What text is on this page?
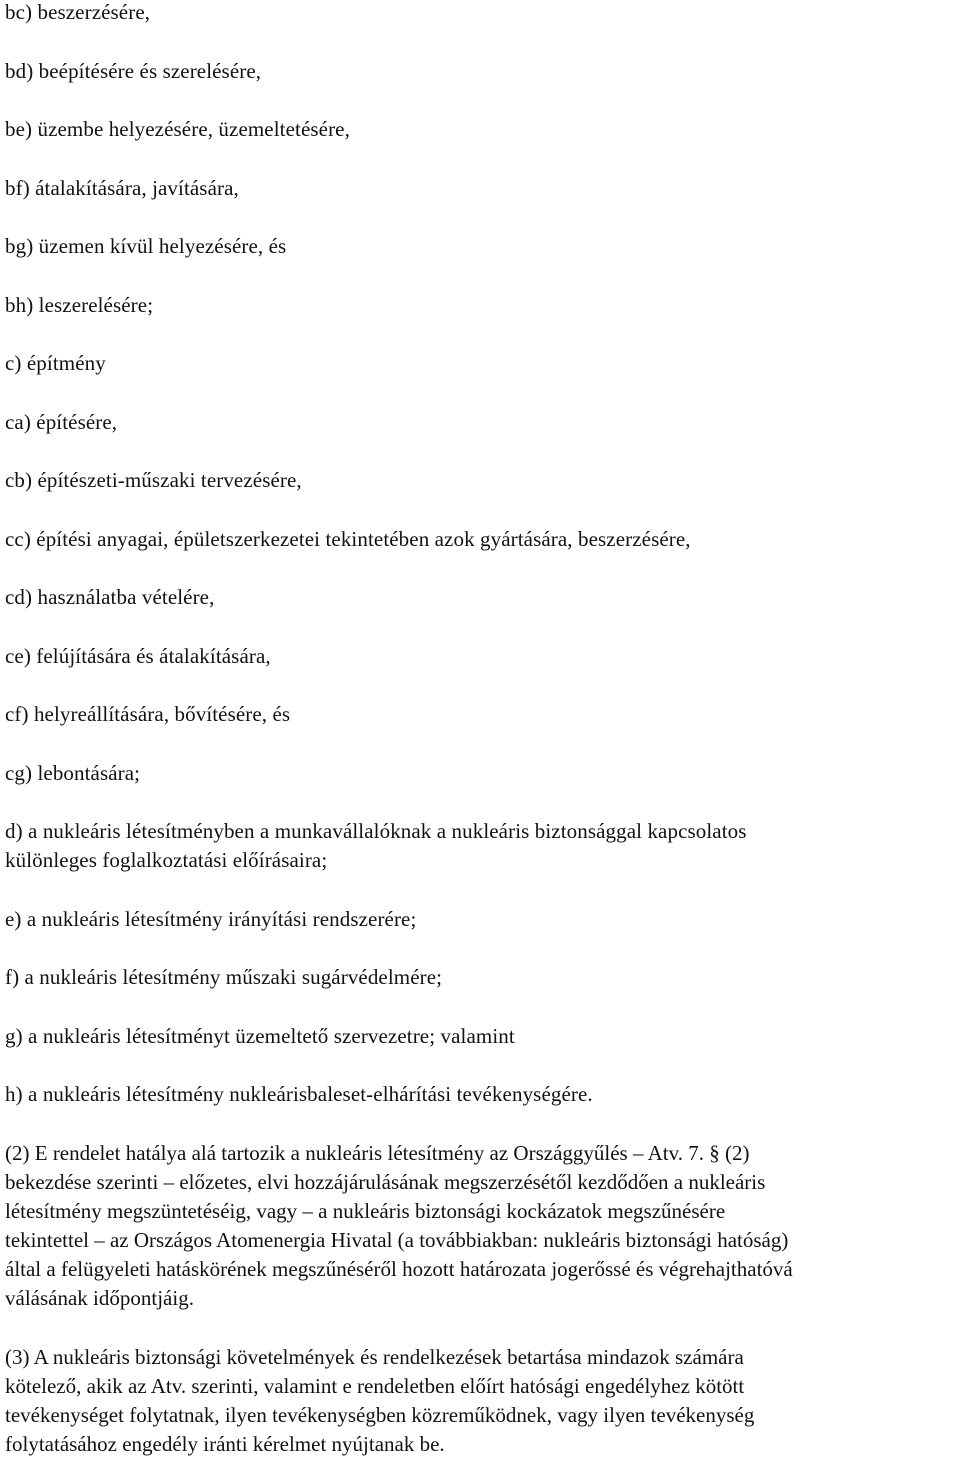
bc) beszerzésére,
bd) beépítésére és szerelésére,
be) üzembe helyezésére, üzemeltetésére,
bf) átalakítására, javítására,
bg) üzemen kívül helyezésére, és
bh) leszerelésére;
c) építmény
ca) építésére,
cb) építészeti-műszaki tervezésére,
cc) építési anyagai, épületszerkezetei tekintetében azok gyártására, beszerzésére,
cd) használatba vételére,
ce) felújítására és átalakítására,
cf) helyreállítására, bővítésére, és
cg) lebontására;
d) a nukleáris létesítményben a munkavállalóknak a nukleáris biztonsággal kapcsolatos
különleges foglalkoztatási előírásaira;
e) a nukleáris létesítmény irányítási rendszerére;
f) a nukleáris létesítmény műszaki sugárvédelmére;
g) a nukleáris létesítményt üzemeltető szervezetre; valamint
h) a nukleáris létesítmény nukleárisbaleset-elhárítási tevékenységére.
(2) E rendelet hatálya alá tartozik a nukleáris létesítmény az Országgyűlés ‒ Atv. 7. § (2)
bekezdése szerinti ‒ előzetes, elvi hozzájárulásának megszerzésétől kezdődően a nukleáris
létesítmény megszüntetéséig, vagy ‒ a nukleáris biztonsági kockázatok megszűnésére
tekintettel ‒ az Országos Atomenergia Hivatal (a továbbiakban: nukleáris biztonsági hatóság)
által a felügyeleti hatáskörének megszűnéséről hozott határozata jogerőssé és végrehajthatóvá
válásának időpontjáig.
(3) A nukleáris biztonsági követelmények és rendelkezések betartása mindazok számára
kötelező, akik az Atv. szerinti, valamint e rendeletben előírt hatósági engedélyhez kötött
tevékenységet folytatnak, ilyen tevékenységben közreműködnek, vagy ilyen tevékenység
folytatásához engedély iránti kérelmet nyújtanak be.
